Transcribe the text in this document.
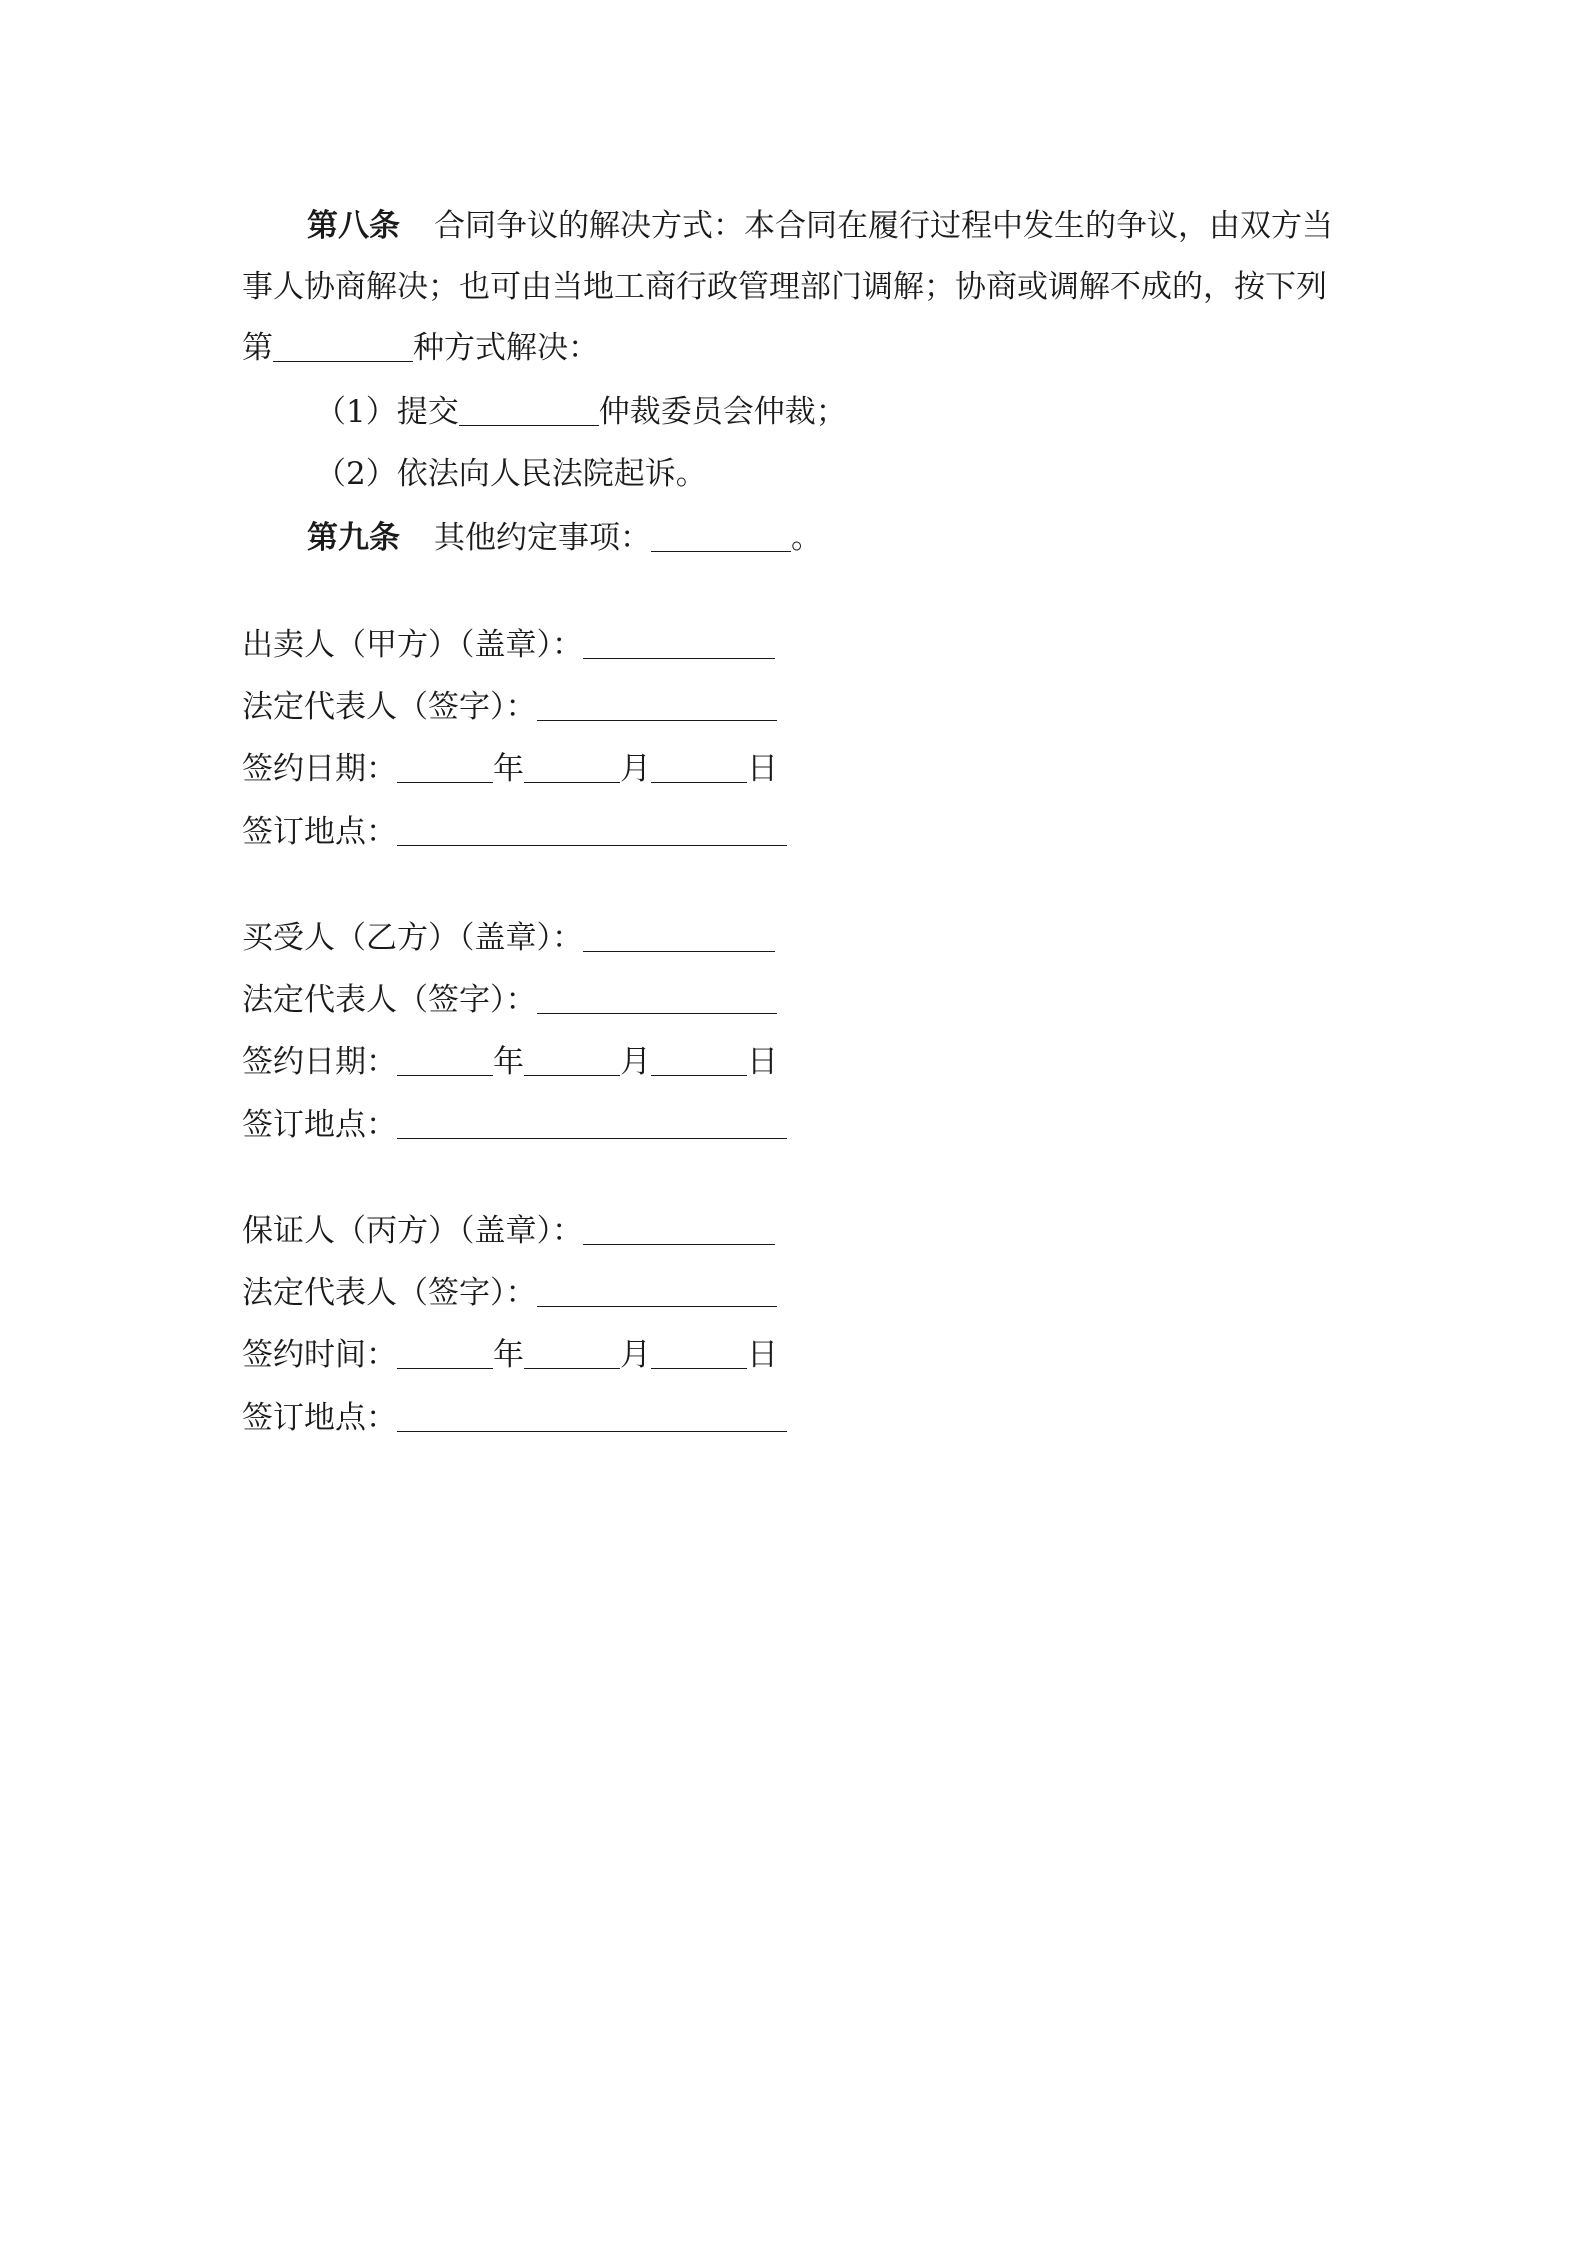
第八条 合同争议的解决方式：本合同在履行过程中发生的争议，由双方当
事人协商解决；也可由当地工商行政管理部门调解；协商或调解不成的，按下列
第	种方式解决：
（1）提交	仲裁委员会仲裁；
（2）依法向人民法院起诉。
第九条 其他约定事项：	。
出卖人（甲方）（盖章）：
法定代表人（签字）：
签约日期：	年	月	日
签订地点：
买受人（乙方）（盖章）：
法定代表人（签字）：
签约日期：	年	月	日
签订地点：
保证人（丙方）（盖章）：
法定代表人（签字）：
签约时间：	年	月	日
签订地点：
